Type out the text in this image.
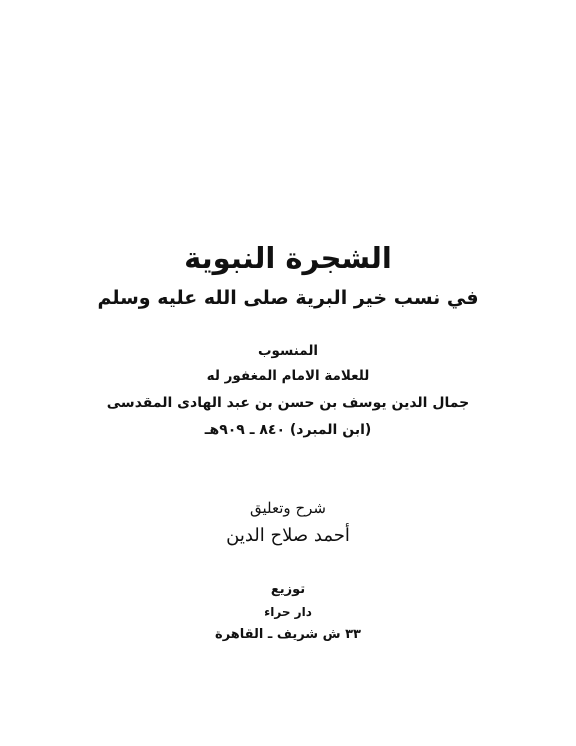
الشجرة النبوية
في نسب خير البرية صلى الله عليه وسلم
المنسوب
للعلامة الامام المغفور له
جمال الدين يوسف بن حسن بن عبد الهادى المقدسى
(ابن المبرد) ٨٤٠ ـ ٩٠٩هـ
شرح وتعليق
أحمد صلاح الدين
توزيع
دار حراء
٣٣ ش شريف ـ القاهرة
